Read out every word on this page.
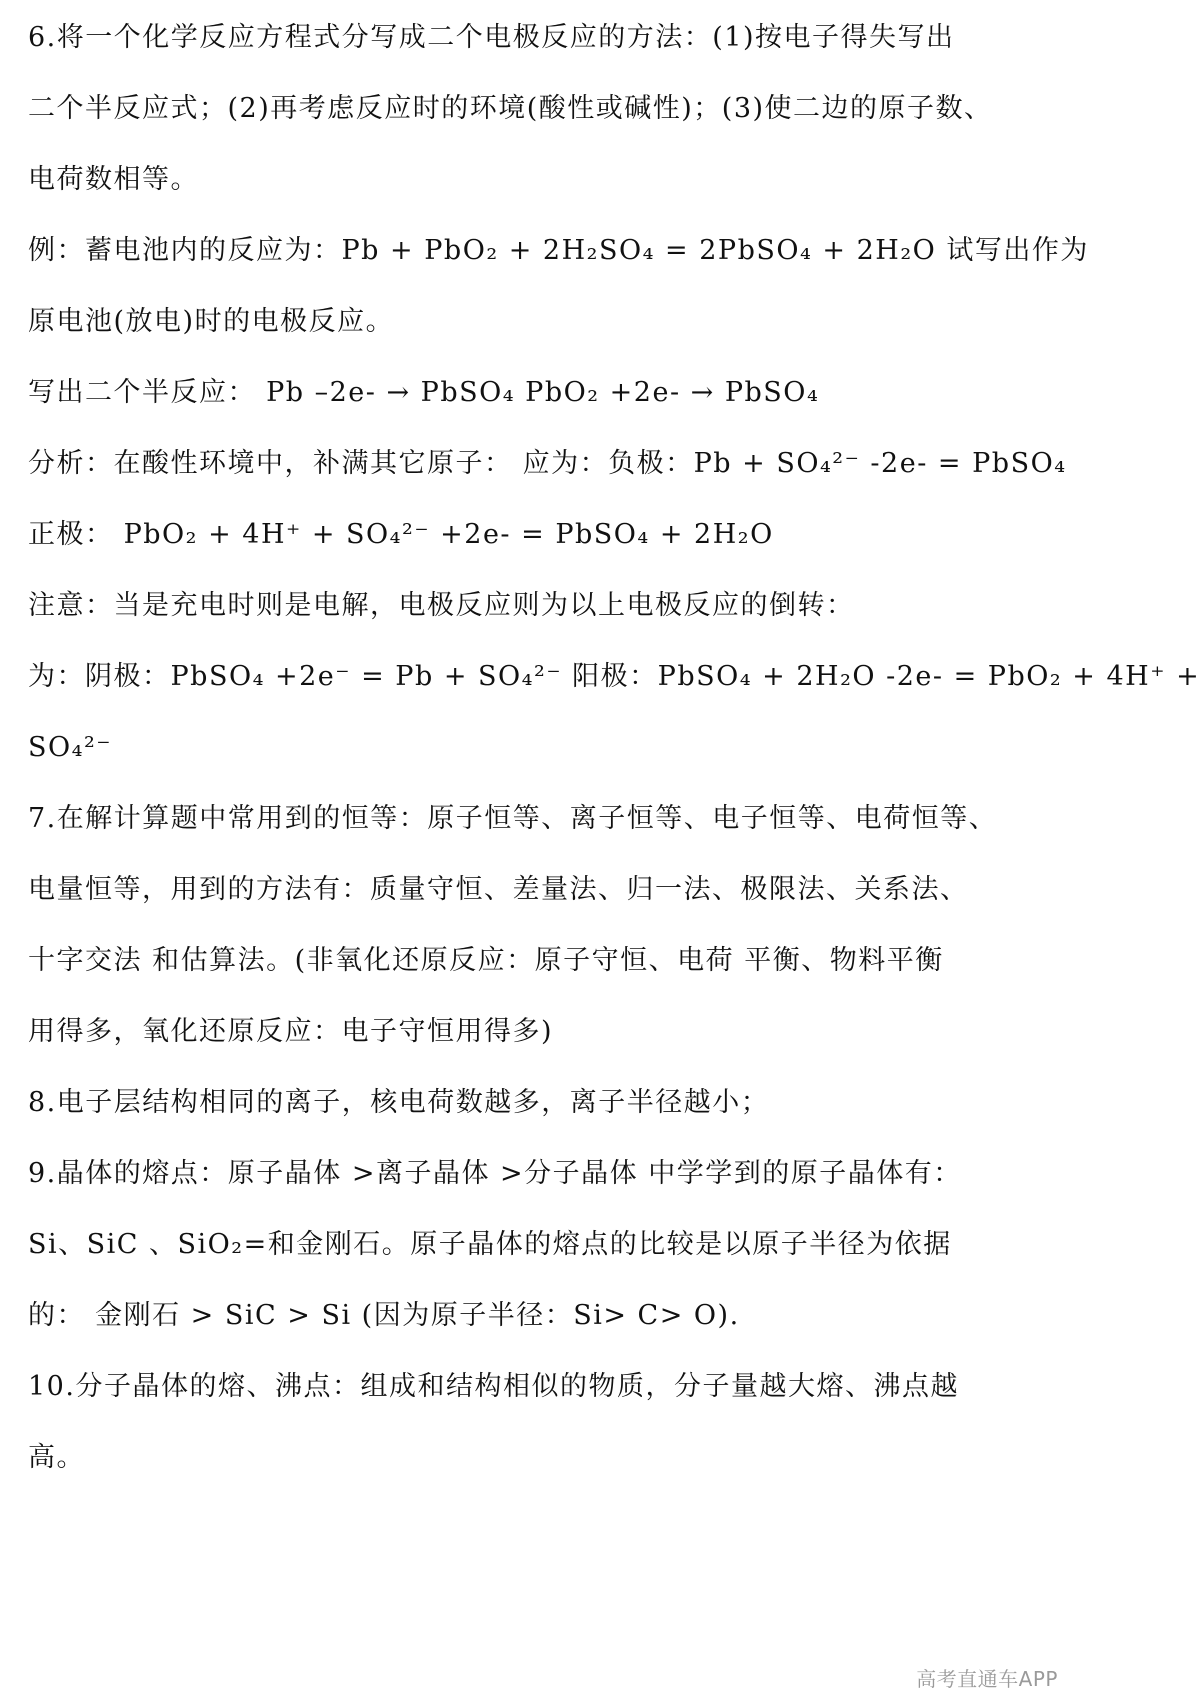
6.将一个化学反应方程式分写成二个电极反应的方法：(1)按电子得失写出
二个半反应式；(2)再考虑反应时的环境(酸性或碱性)；(3)使二边的原子数、
电荷数相等。
例：蓄电池内的反应为：Pb + PbO₂ + 2H₂SO₄ = 2PbSO₄ + 2H₂O 试写出作为
原电池(放电)时的电极反应。
写出二个半反应： Pb –2e- → PbSO₄ PbO₂ +2e- → PbSO₄
分析：在酸性环境中，补满其它原子： 应为：负极：Pb + SO₄²⁻ -2e- = PbSO₄
正极： PbO₂ + 4H⁺ + SO₄²⁻ +2e- = PbSO₄ + 2H₂O
注意：当是充电时则是电解，电极反应则为以上电极反应的倒转：
为：阴极：PbSO₄ +2e⁻ = Pb + SO₄²⁻ 阳极：PbSO₄ + 2H₂O -2e- = PbO₂ + 4H⁺ +
SO₄²⁻
7.在解计算题中常用到的恒等：原子恒等、离子恒等、电子恒等、电荷恒等、
电量恒等，用到的方法有：质量守恒、差量法、归一法、极限法、关系法、
十字交法 和估算法。(非氧化还原反应：原子守恒、电荷 平衡、物料平衡
用得多，氧化还原反应：电子守恒用得多)
8.电子层结构相同的离子，核电荷数越多，离子半径越小；
9.晶体的熔点：原子晶体 >离子晶体 >分子晶体 中学学到的原子晶体有：
Si、SiC 、SiO₂=和金刚石。原子晶体的熔点的比较是以原子半径为依据
的： 金刚石 > SiC > Si (因为原子半径：Si> C> O).
10.分子晶体的熔、沸点：组成和结构相似的物质，分子量越大熔、沸点越
高。
高考直通车APP
